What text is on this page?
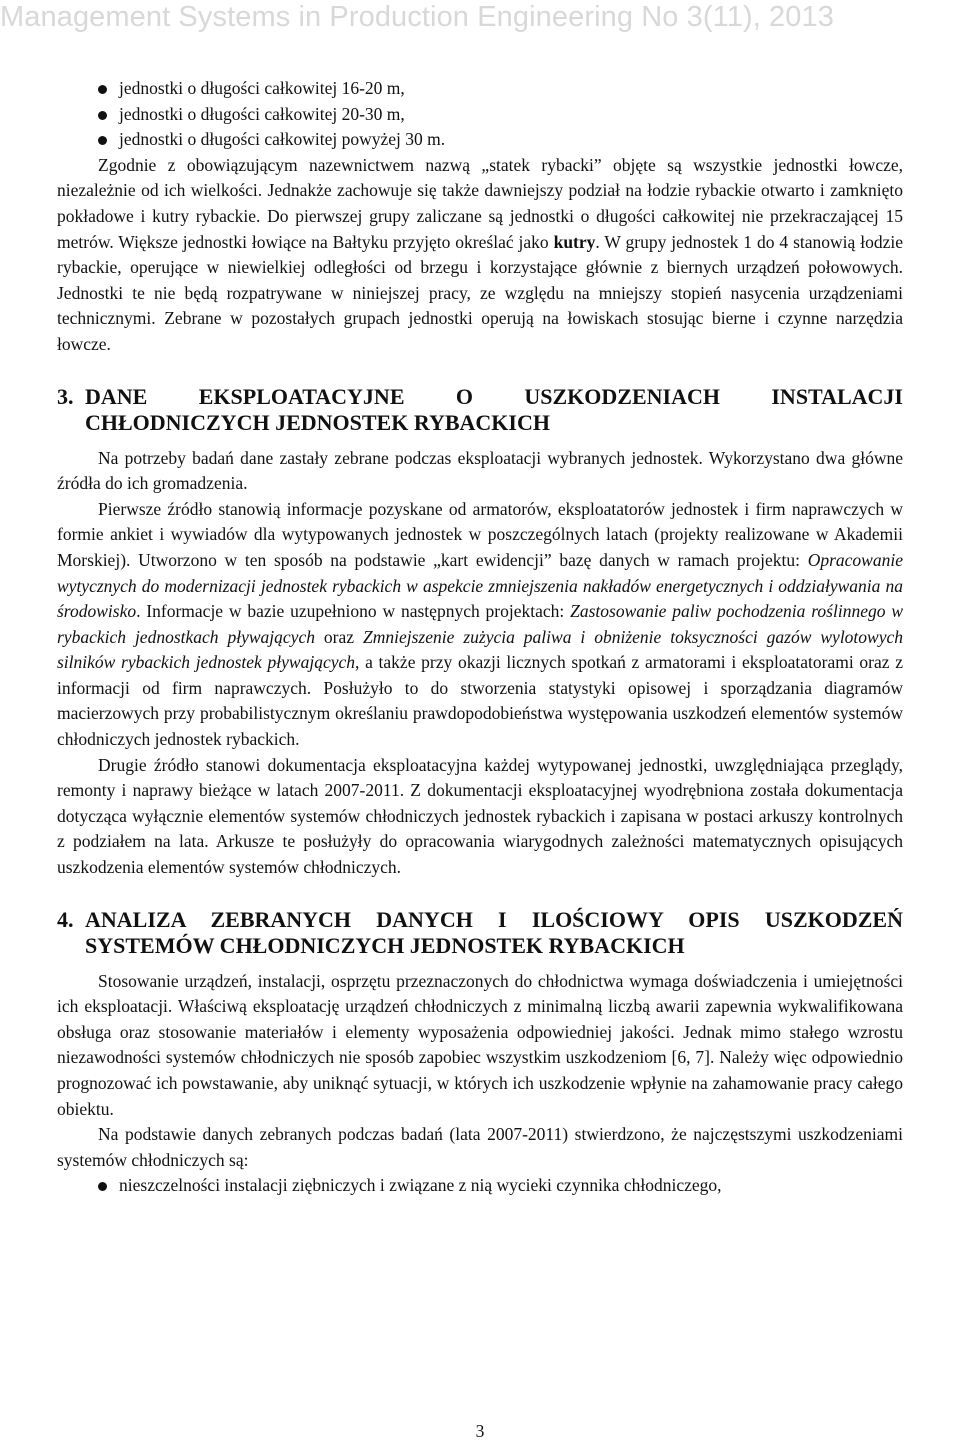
Management Systems in Production Engineering No 3(11), 2013
jednostki o długości całkowitej 16-20 m,
jednostki o długości całkowitej 20-30 m,
jednostki o długości całkowitej powyżej 30 m.

Zgodnie z obowiązującym nazewnictwem nazwą „statek rybacki” objęte są wszystkie jednostki łowcze, niezależnie od ich wielkości. Jednakże zachowuje się także dawniejszy podział na łodzie rybackie otwarto i zamknięto pokładowe i kutry rybackie. Do pierwszej grupy zaliczane są jednostki o długości całkowitej nie przekraczającej 15 metrów. Większe jednostki łowiące na Bałtyku przyjęto określać jako kutry. W grupy jednostek 1 do 4 stanowią łodzie rybackie, operujące w niewielkiej odległości od brzegu i korzystające głównie z biernych urządzeń połowowych. Jednostki te nie będą rozpatrywane w niniejszej pracy, ze względu na mniejszy stopień nasycenia urządzeniami technicznymi. Zebrane w pozostałych grupach jednostki operują na łowiskach stosując bierne i czynne narzędzia łowcze.

3. DANE EKSPLOATACYJNE O USZKODZENIACH INSTALACJI CHŁODNICZYCH JEDNOSTEK RYBACKICH

Na potrzeby badań dane zastały zebrane podczas eksploatacji wybranych jednostek. Wykorzystano dwa główne źródła do ich gromadzenia.

Pierwsze źródło stanowią informacje pozyskane od armatorów, eksploatatorów jednostek i firm naprawczych w formie ankiet i wywiadów dla wytypowanych jednostek w poszczególnych latach (projekty realizowane w Akademii Morskiej). Utworzono w ten sposób na podstawie „kart ewidencji” bazę danych w ramach projektu: Opracowanie wytycznych do modernizacji jednostek rybackich w aspekcie zmniejszenia nakładów energetycznych i oddziaływania na środowisko. Informacje w bazie uzupełniono w następnych projektach: Zastosowanie paliw pochodzenia roślinnego w rybackich jednostkach pływających oraz Zmniejszenie zużycia paliwa i obniżenie toksyczności gazów wylotowych silników rybackich jednostek pływających, a także przy okazji licznych spotkań z armatorami i eksploatatorami oraz z informacji od firm naprawczych. Posłużyło to do stworzenia statystyki opisowej i sporządzania diagramów macierzowych przy probabilistycznym określaniu prawdopodobieństwa występowania uszkodzeń elementów systemów chłodniczych jednostek rybackich.

Drugie źródło stanowi dokumentacja eksploatacyjna każdej wytypowanej jednostki, uwzględniająca przeglądy, remonty i naprawy bieżące w latach 2007-2011. Z dokumentacji eksploatacyjnej wyodrębniona została dokumentacja dotycząca wyłącznie elementów systemów chłodniczych jednostek rybackich i zapisana w postaci arkuszy kontrolnych z podziałem na lata. Arkusze te posłużyły do opracowania wiarygodnych zależności matematycznych opisujących uszkodzenia elementów systemów chłodniczych.

4. ANALIZA ZEBRANYCH DANYCH I ILOŚCIOWY OPIS USZKODZEŃ SYSTEMÓW CHŁODNICZYCH JEDNOSTEK RYBACKICH

Stosowanie urządzeń, instalacji, osprzętu przeznaczonych do chłodnictwa wymaga doświadczenia i umiejętności ich eksploatacji. Właściwą eksploatację urządzeń chłodniczych z minimalną liczbą awarii zapewnia wykwalifikowana obsługa oraz stosowanie materiałów i elementy wyposażenia odpowiedniej jakości. Jednak mimo stałego wzrostu niezawodności systemów chłodniczych nie sposób zapobiec wszystkim uszkodzeniom [6, 7]. Należy więc odpowiednio prognozować ich powstawanie, aby uniknąć sytuacji, w których ich uszkodzenie wpłynie na zahamowanie pracy całego obiektu.

Na podstawie danych zebranych podczas badań (lata 2007-2011) stwierdzono, że najczęstszymi uszkodzeniami systemów chłodniczych są:

nieszczelności instalacji ziębniczych i związane z nią wycieki czynnika chłodniczego,
3
